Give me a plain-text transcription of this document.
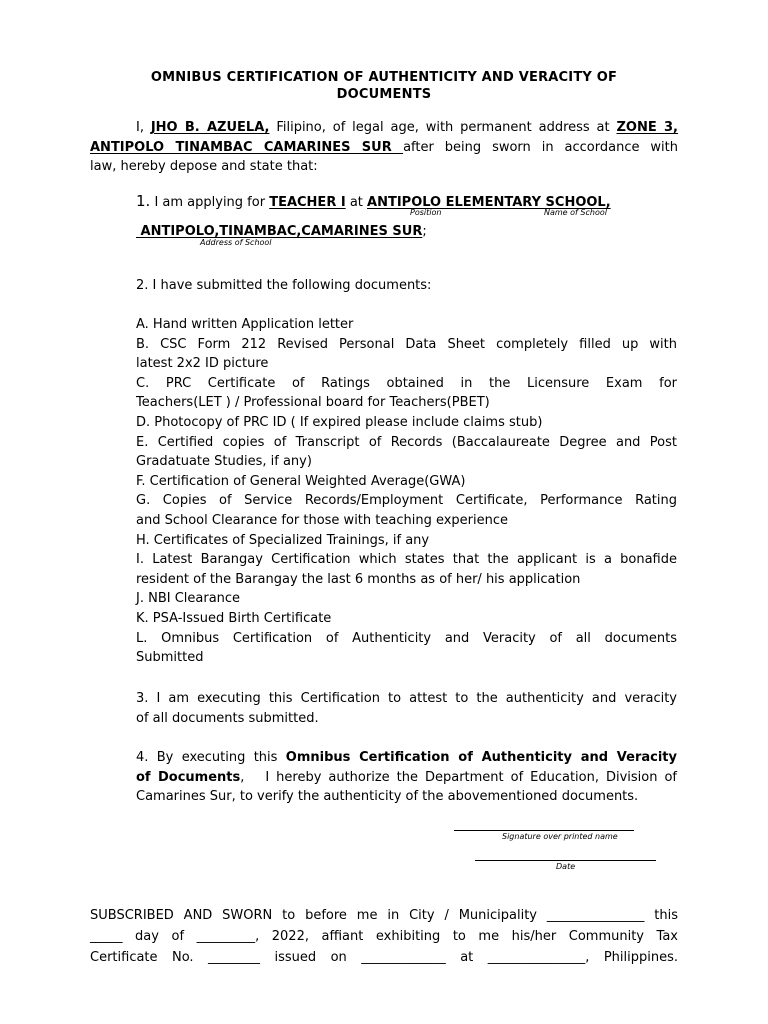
OMNIBUS CERTIFICATION OF AUTHENTICITY AND VERACITY OF
DOCUMENTS
I, JHO B. AZUELA, Filipino, of legal age, with permanent address at ZONE 3,
ANTIPOLO TINAMBAC CAMARINES SUR after being sworn in accordance with
law, hereby depose and state that:
1. I am applying for TEACHER I at ANTIPOLO ELEMENTARY SCHOOL,
Position	Name of School
ANTIPOLO,TINAMBAC,CAMARINES SUR;
Address of School
2. I have submitted the following documents:
A. Hand written Application letter
B. CSC Form 212 Revised Personal Data Sheet completely filled up with
latest 2x2 ID picture
C. PRC Certificate of Ratings obtained in the Licensure Exam for
Teachers(LET ) / Professional board for Teachers(PBET)
D. Photocopy of PRC ID ( If expired please include claims stub)
E. Certified copies of Transcript of Records (Baccalaureate Degree and Post
Gradatuate Studies, if any)
F. Certification of General Weighted Average(GWA)
G. Copies of Service Records/Employment Certificate, Performance Rating
and School Clearance for those with teaching experience
H. Certificates of Specialized Trainings, if any
I. Latest Barangay Certification which states that the applicant is a bonafide
resident of the Barangay the last 6 months as of her/ his application
J. NBI Clearance
K. PSA-Issued Birth Certificate
L. Omnibus Certification of Authenticity and Veracity of all documents
Submitted
3. I am executing this Certification to attest to the authenticity and veracity
of all documents submitted.
4. By executing this Omnibus Certification of Authenticity and Veracity
of Documents,   I hereby authorize the Department of Education, Division of
Camarines Sur, to verify the authenticity of the abovementioned documents.
Signature over printed name
Date
SUBSCRIBED AND SWORN to before me in City / Municipality _______________ this
_____ day of _________, 2022, affiant exhibiting to me his/her Community Tax
Certificate No. ________ issued on _____________ at _______________, Philippines.
